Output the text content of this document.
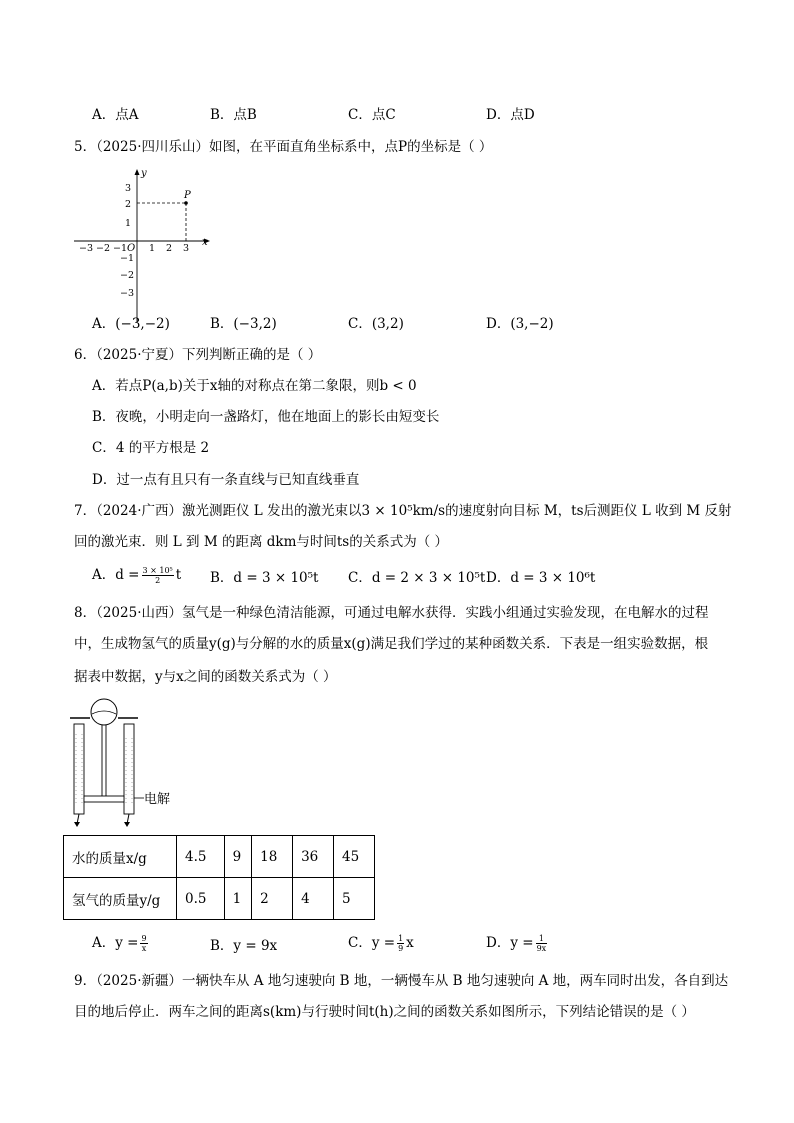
A．点A	B．点B	C．点C	D．点D
5．（2025·四川乐山）如图，在平面直角坐标系中，点P的坐标是（ ）
y
x
O
P
−3 −2 −1 1 2 3
3
2
1
−1
−2
−3
A．(−3,−2)	B．(−3,2)	C．(3,2)	D．(3,−2)
6．（2025·宁夏）下列判断正确的是（ ）
A．若点P(a,b)关于x轴的对称点在第二象限，则b < 0
B．夜晚，小明走向一盏路灯，他在地面上的影长由短变长
C．4 的平方根是 2
D．过一点有且只有一条直线与已知直线垂直
7．（2024·广西）激光测距仪 L 发出的激光束以3 × 10⁵km/s的速度射向目标 M，ts后测距仪 L 收到 M 反射
回的激光束．则 L 到 M 的距离 dkm与时间ts的关系式为（ ）
A．$d = \frac{\text{3 × 10⁵}}{2}$ t B．d = 3 × 10⁵t C．d = 2 × 3 × 10⁵t D．d = 3 × 10⁶t
8．（2025·山西）氢气是一种绿色清洁能源，可通过电解水获得．实践小组通过实验发现，在电解水的过程
中，生成物氢气的质量y(g)与分解的水的质量x(g)满足我们学过的某种函数关系．下表是一组实验数据，根
据表中数据，y与x之间的函数关系式为（ ）
电解
水的质量x/g	4.5	9	18	36	45
氢气的质量y/g	0.5	1	2	4	5
A．$y = \frac{9}{x}$	B．y = 9x	C．$y = \frac{1}{9}$ x	D．$y = \frac{1}{9x}$
9．（2025·新疆）一辆快车从 A 地匀速驶向 B 地，一辆慢车从 B 地匀速驶向 A 地，两车同时出发，各自到达
目的地后停止．两车之间的距离s(km)与行驶时间t(h)之间的函数关系如图所示，下列结论错误的是（ ）
